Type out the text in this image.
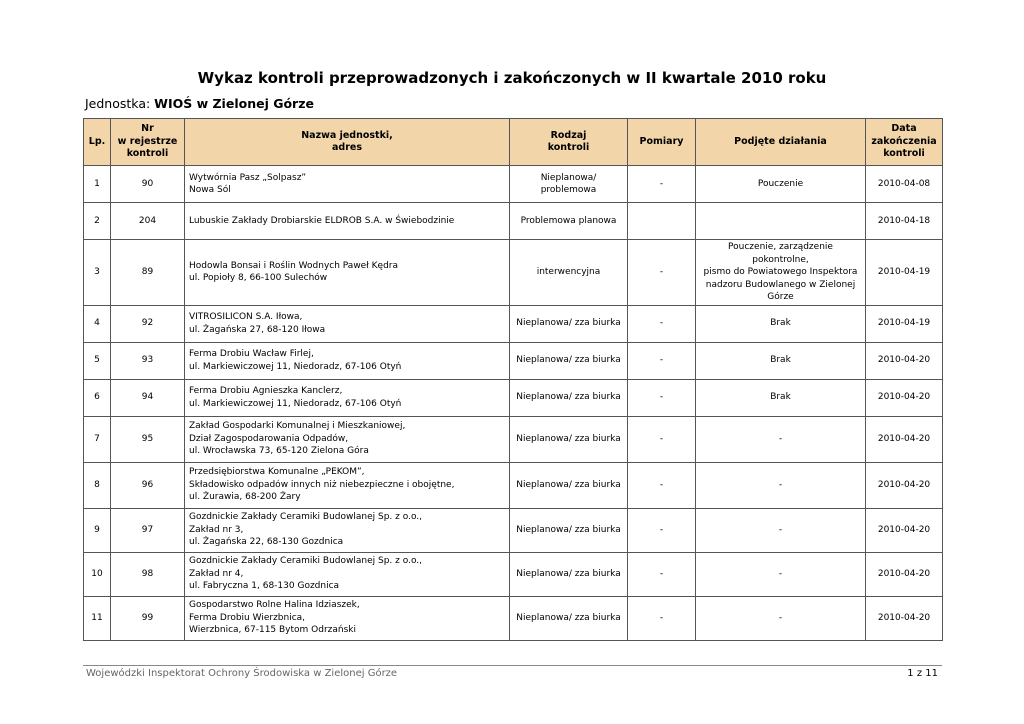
Wykaz kontroli przeprowadzonych i zakończonych w II kwartale 2010 roku
Jednostka: WIOŚ w Zielonej Górze
Lp.	Nr
w rejestrze
kontroli	Nazwa jednostki,
adres	Rodzaj
kontroli	Pomiary	Podjęte działania	Data
zakończenia
kontroli

1	90	Wytwórnia Pasz „Solpasz”
Nowa Sól	Nieplanowa/
problemowa	-	Pouczenie	2010-04-08
2	204	Lubuskie Zakłady Drobiarskie ELDROB S.A. w Świebodzinie	Problemowa planowa			2010-04-18
3	89	Hodowla Bonsai i Roślin Wodnych Paweł Kędra
ul. Popioły 8, 66-100 Sulechów	interwencyjna	-	Pouczenie, zarządzenie pokontrolne,
pismo do Powiatowego Inspektora
nadzoru Budowlanego w Zielonej
Górze	2010-04-19
4	92	VITROSILICON S.A. Iłowa,
ul. Żagańska 27, 68-120 Iłowa	Nieplanowa/ zza biurka	-	Brak	2010-04-19
5	93	Ferma Drobiu Wacław Firlej,
ul. Markiewiczowej 11, Niedoradz, 67-106 Otyń	Nieplanowa/ zza biurka	-	Brak	2010-04-20
6	94	Ferma Drobiu Agnieszka Kanclerz,
ul. Markiewiczowej 11, Niedoradz, 67-106 Otyń	Nieplanowa/ zza biurka	-	Brak	2010-04-20
7	95	Zakład Gospodarki Komunalnej i Mieszkaniowej,
Dział Zagospodarowania Odpadów,
ul. Wrocławska 73, 65-120 Zielona Góra	Nieplanowa/ zza biurka	-	-	2010-04-20
8	96	Przedsiębiorstwa Komunalne „PEKOM”,
Składowisko odpadów innych niż niebezpieczne i obojętne,
ul. Żurawia, 68-200 Żary	Nieplanowa/ zza biurka	-	-	2010-04-20
9	97	Gozdnickie Zakłady Ceramiki Budowlanej Sp. z o.o.,
Zakład nr 3,
ul. Żagańska 22, 68-130 Gozdnica	Nieplanowa/ zza biurka	-	-	2010-04-20
10	98	Gozdnickie Zakłady Ceramiki Budowlanej Sp. z o.o.,
Zakład nr 4,
ul. Fabryczna 1, 68-130 Gozdnica	Nieplanowa/ zza biurka	-	-	2010-04-20
11	99	Gospodarstwo Rolne Halina Idziaszek,
Ferma Drobiu Wierzbnica,
Wierzbnica, 67-115 Bytom Odrzański	Nieplanowa/ zza biurka	-	-	2010-04-20
Wojewódzki Inspektorat Ochrony Środowiska w Zielonej Górze	1 z 11
